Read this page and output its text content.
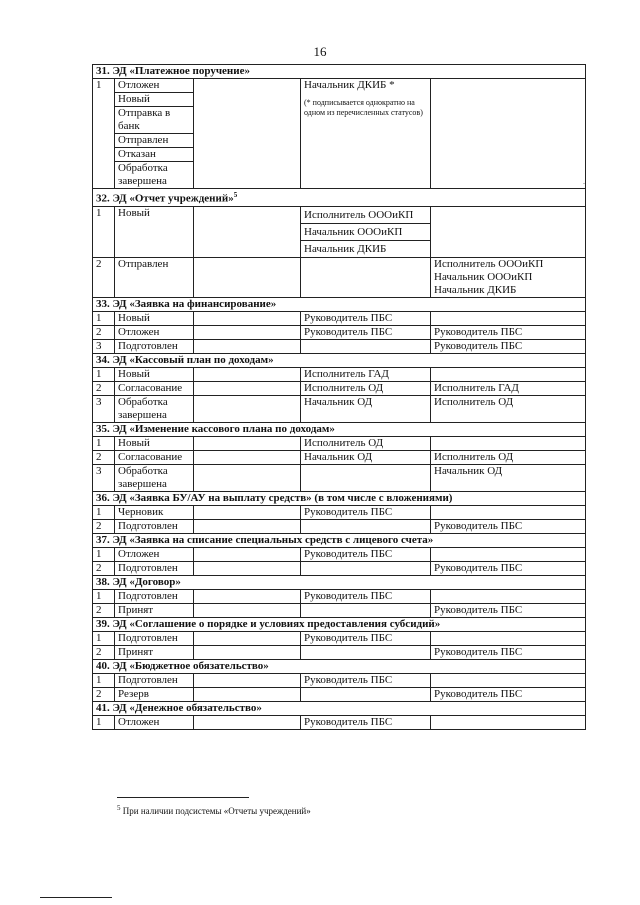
16
31. ЭД «Платежное поручение»				
1	Отложен		Начальник ДКИБ *
(* подписывается однократно на одном из перечисленных статусов)	

	Новый			
	Отправка в банк			
	Отправлен			
	Отказан			
	Обработка завершена			
32. ЭД «Отчет учреждений»$^5$
1	Новый		Исполнитель ОООиКП
Начальник ОООиКП
Начальник ДКИБ	

2	Отправлен			Исполнитель ОООиКП
Начальник ОООиКП
Начальник ДКИБ

33. ЭД «Заявка на финансирование»				
1	Новый		Руководитель ПБС	
2	Отложен		Руководитель ПБС	Руководитель ПБС
3	Подготовлен			Руководитель ПБС
34. ЭД «Кассовый план по доходам»				
1	Новый		Исполнитель ГАД	
2	Согласование		Исполнитель ОД	Исполнитель ГАД
3	Обработка завершена		Начальник ОД	Исполнитель ОД
35. ЭД «Изменение кассового плана по доходам»				
1	Новый		Исполнитель ОД	
2	Согласование		Начальник ОД	Исполнитель ОД
3	Обработка завершена			Начальник ОД
36. ЭД «Заявка БУ/АУ на выплату средств» (в том числе с вложениями)				
1	Черновик		Руководитель ПБС	
2	Подготовлен			Руководитель ПБС
37. ЭД «Заявка на списание специальных средств с лицевого счета»				
1	Отложен		Руководитель ПБС	
2	Подготовлен			Руководитель ПБС
38. ЭД «Договор»				
1	Подготовлен		Руководитель ПБС	
2	Принят			Руководитель ПБС
39. ЭД «Соглашение о порядке и условиях предоставления субсидий»				
1	Подготовлен		Руководитель ПБС	
2	Принят			Руководитель ПБС
40. ЭД «Бюджетное обязательство»				
1	Подготовлен		Руководитель ПБС	
2	Резерв			Руководитель ПБС
41. ЭД «Денежное обязательство»				
1	Отложен		Руководитель ПБС	
.
$^5$ При наличии подсистемы «Отчеты учреждений»
